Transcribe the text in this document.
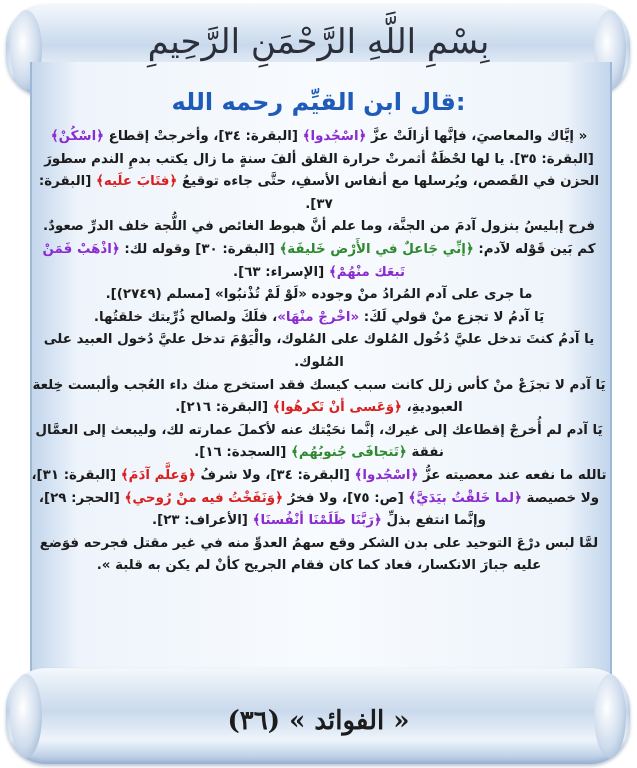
بِسْمِ اللَّهِ الرَّحْمَنِ الرَّحِيمِ
قال ابن القيِّم رحمه الله:

« إيَّاك والمعاصيَ، فإنَّها أزالَتْ عزَّ ﴿اسْجُدوا﴾ [البقرة: ٣٤]، وأخرجتْ إقطاع ﴿اسْكُنْ﴾ [البقرة: ٣٥]. يا لها لحْظَةٌ أثمرتْ حرارة القلق ألفَ سنةٍ ما زال يكتب بدمِ الندم سطورَ الحزن في القَصص، ويُرسلها مع أنفاس الأسفِ، حتَّى جاءه توقيعُ ﴿فتَابَ علَيه﴾ [البقرة: ٣٧].

فرح إبليسُ بنزول آدمَ من الجنَّة، وما علم أنَّ هبوط الغائص في اللُّجة خلف الدرِّ صعودٌ.

كم بَين قَوْله لآدم: ﴿إنِّي جَاعلٌ في الأَرْض خَليفَة﴾ [البقرة: ٣٠] وقوله لك: ﴿اذْهَبْ فَمَنْ تَبعَك منْهُمْ﴾ [الإسراء: ٦٣].

ما جرى على آدم المُرادُ منْ وجوده «لَوْ لَمْ تُذْنبُوا» [مسلم (٢٧٤٩)].

يَا آدمُ لا تجزع منْ قولي لَكَ: «اخْرجْ منْهَا»، فلَكَ ولصالح ذُرِّيتك خلقتُها.

يا آدمُ كنتَ تدخل عليَّ دُخُول المُلوك على المُلوك، والْيَوْمَ تدخل عليَّ دُخول العبيد على المُلوك.

يَا آدم لا تجزَعْ منْ كأس زلل كانت سبب كيسك فقد استخرج منك داء العُجب وألبست خِلعة العبوديةِ، ﴿وَعَسى أنْ تَكرهُوا﴾ [البقرة: ٢١٦].

يَا آدم لم أُخرجْ إقطاعك إلى غيرك، إنَّما نحَيْتك عنه لأكملَ عمارته لك، وليبعث إلى العمَّال نفقة ﴿تَتجافَى جُنوبُهُم﴾ [السجدة: ١٦].

تالله ما نفعه عند معصيته عزُّ ﴿اسْجُدوا﴾ [البقرة: ٣٤]، ولا شرفُ ﴿وَعلَّم آدَمَ﴾ [البقرة: ٣١]، ولا خصيصة ﴿لما خَلقْتُ بيَدَيَّ﴾ [ص: ٧٥]، ولا فخرُ ﴿وَنَفَخْتُ فيه منْ رُوحي﴾ [الحجر: ٢٩]، وإنَّما انتفع بذلِّ ﴿رَبَّنَا ظَلَمْنَا أنْفُسنَا﴾ [الأعراف: ٢٣].

لمَّا لبس درْعَ التوحيد على بدن الشكر وقع سهمُ العدوِّ منه في غير مقتل فجرحه فوَضع عليه جبارَ الانكسار، فعاد كما كان فقام الجريح كأنْ لم يكن به قلبة ».

« الفوائد » (٣٦)
